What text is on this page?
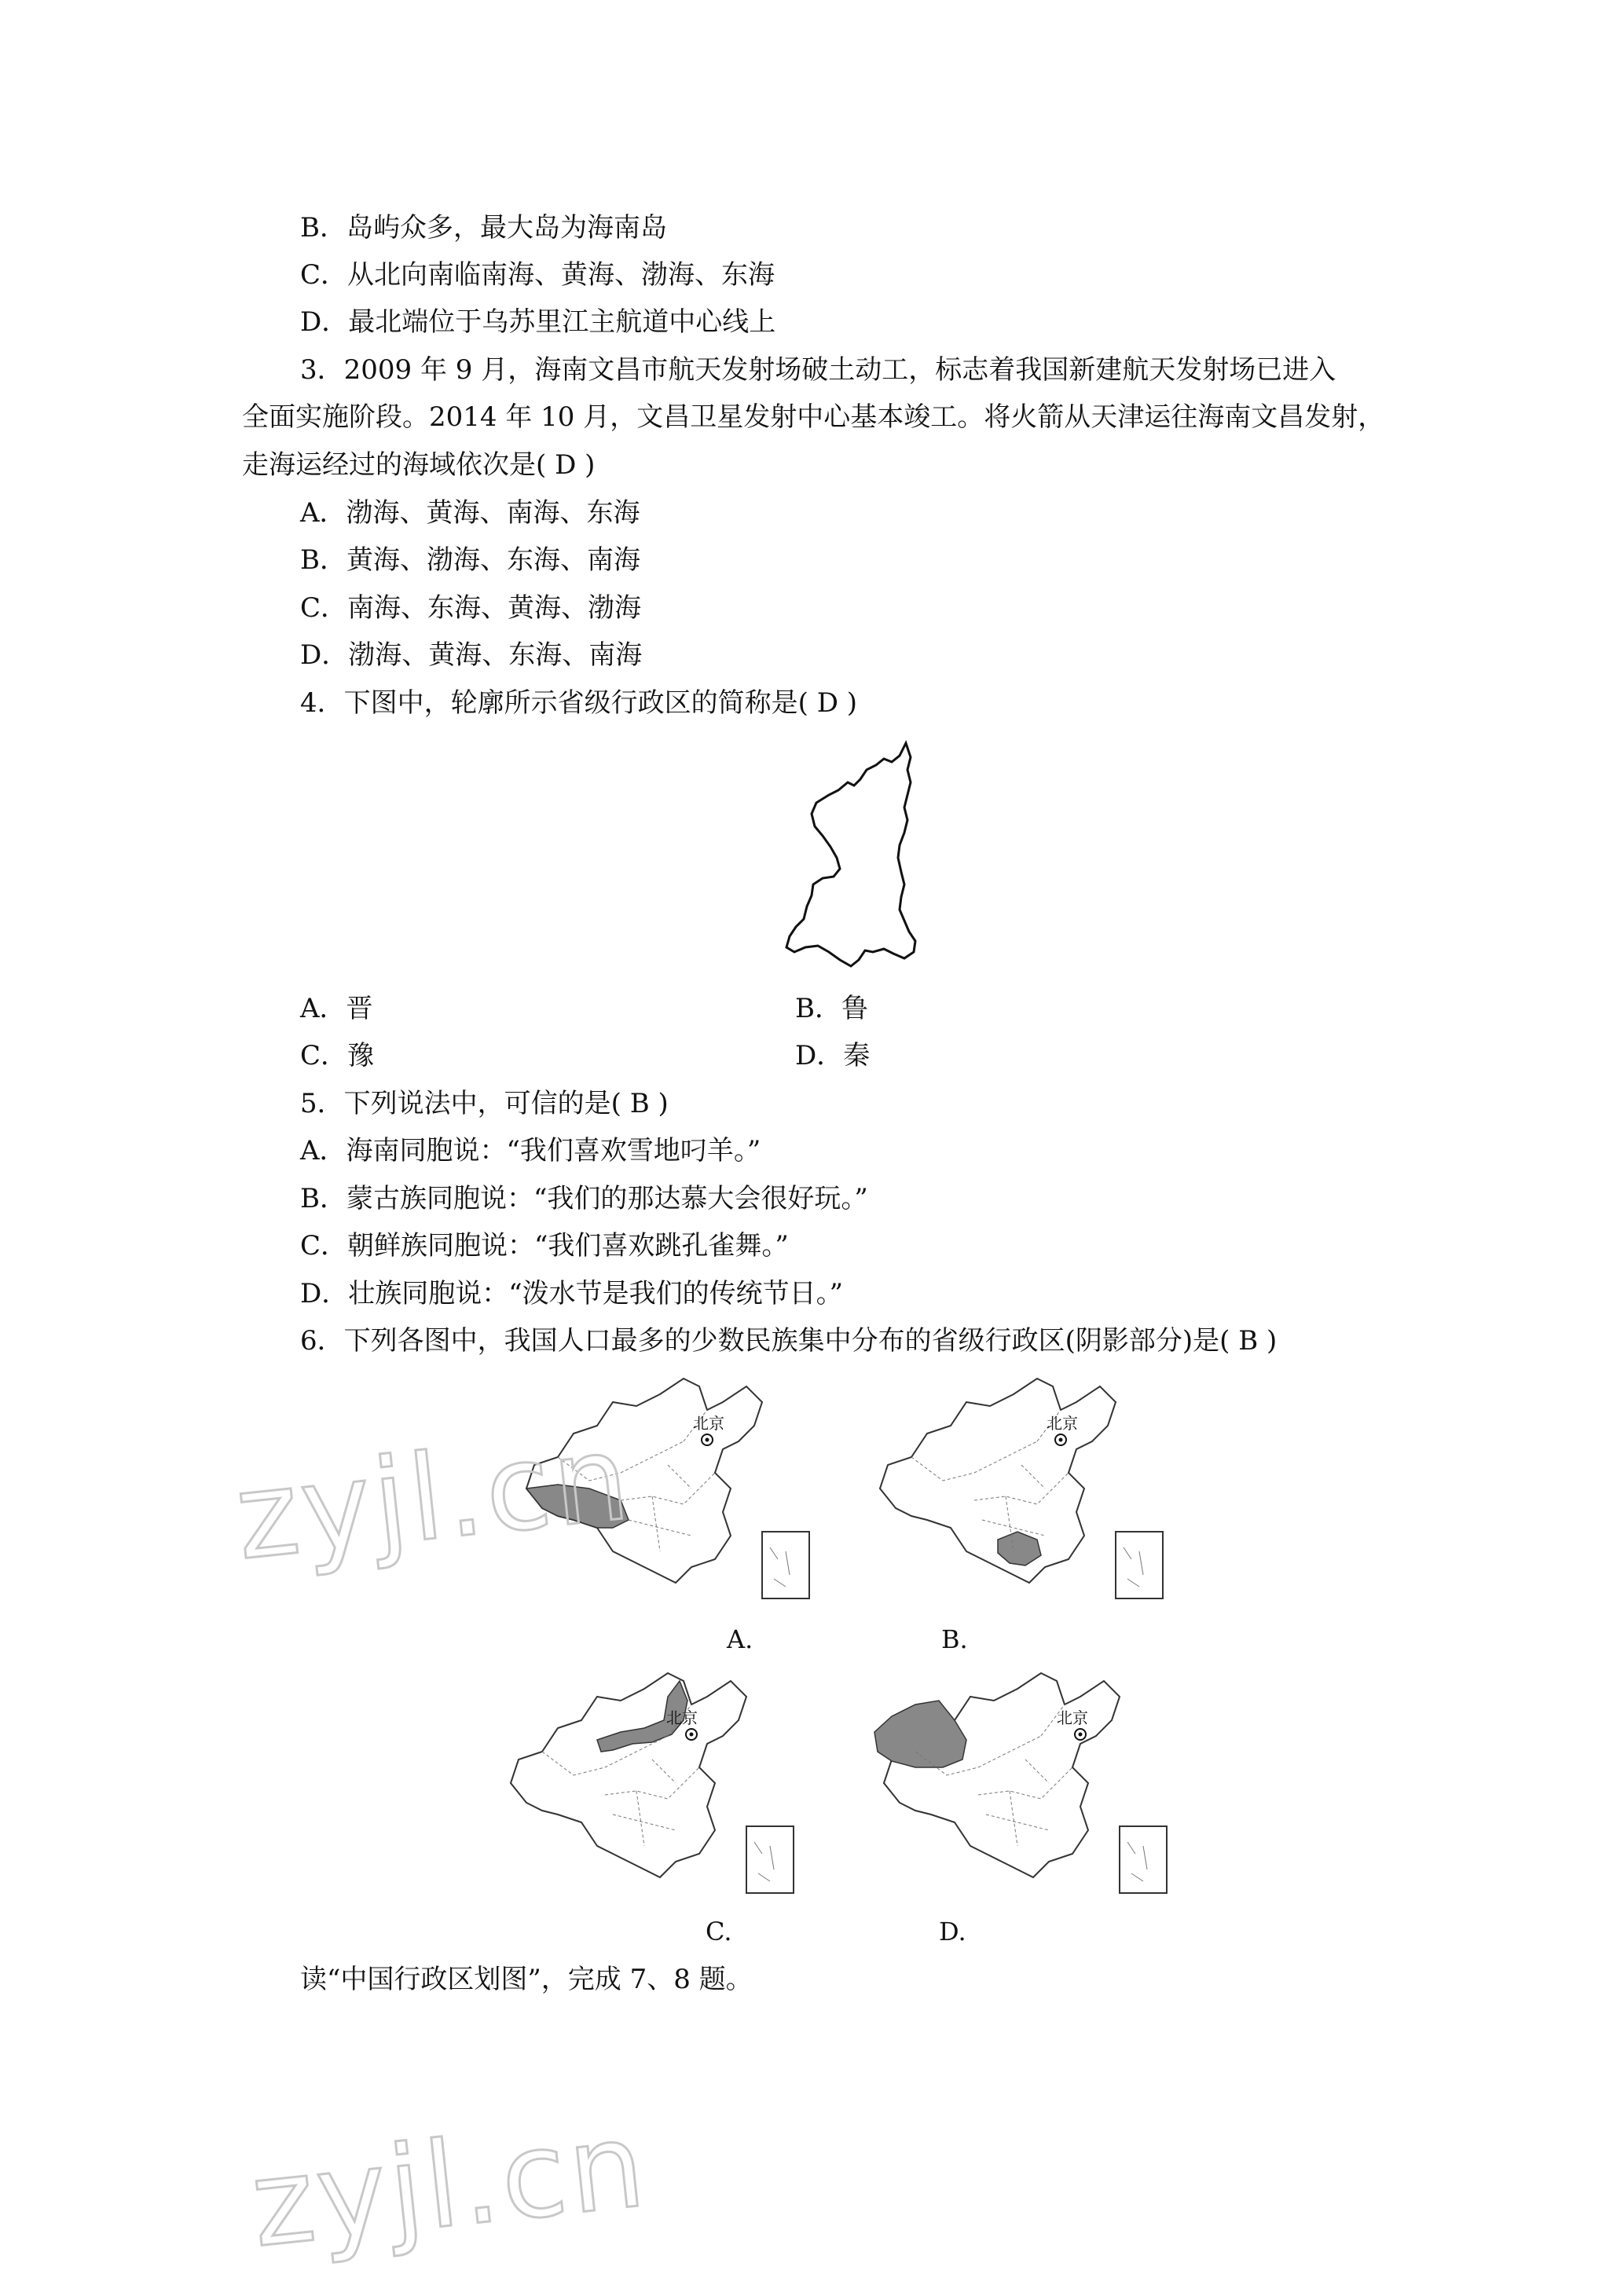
B．岛屿众多，最大岛为海南岛
C．从北向南临南海、黄海、渤海、东海
D．最北端位于乌苏里江主航道中心线上
3．2009 年 9 月，海南文昌市航天发射场破土动工，标志着我国新建航天发射场已进入
全面实施阶段。2014 年 10 月，文昌卫星发射中心基本竣工。将火箭从天津运往海南文昌发射，
走海运经过的海域依次是( D )
A．渤海、黄海、南海、东海
B．黄海、渤海、东海、南海
C．南海、东海、黄海、渤海
D．渤海、黄海、东海、南海
4．下图中，轮廓所示省级行政区的简称是( D )
A．晋	B．鲁
C．豫	D．秦
5．下列说法中，可信的是( B )
A．海南同胞说：“我们喜欢雪地叼羊。”
B．蒙古族同胞说：“我们的那达慕大会很好玩。”
C．朝鲜族同胞说：“我们喜欢跳孔雀舞。”
D．壮族同胞说：“泼水节是我们的传统节日。”
6．下列各图中，我国人口最多的少数民族集中分布的省级行政区(阴影部分)是( B )
北京	北京
A.	B.
北京	北京
C.	D.
读“中国行政区划图”，完成 7、8 题。
zyjl.cn
zyjl.cn
